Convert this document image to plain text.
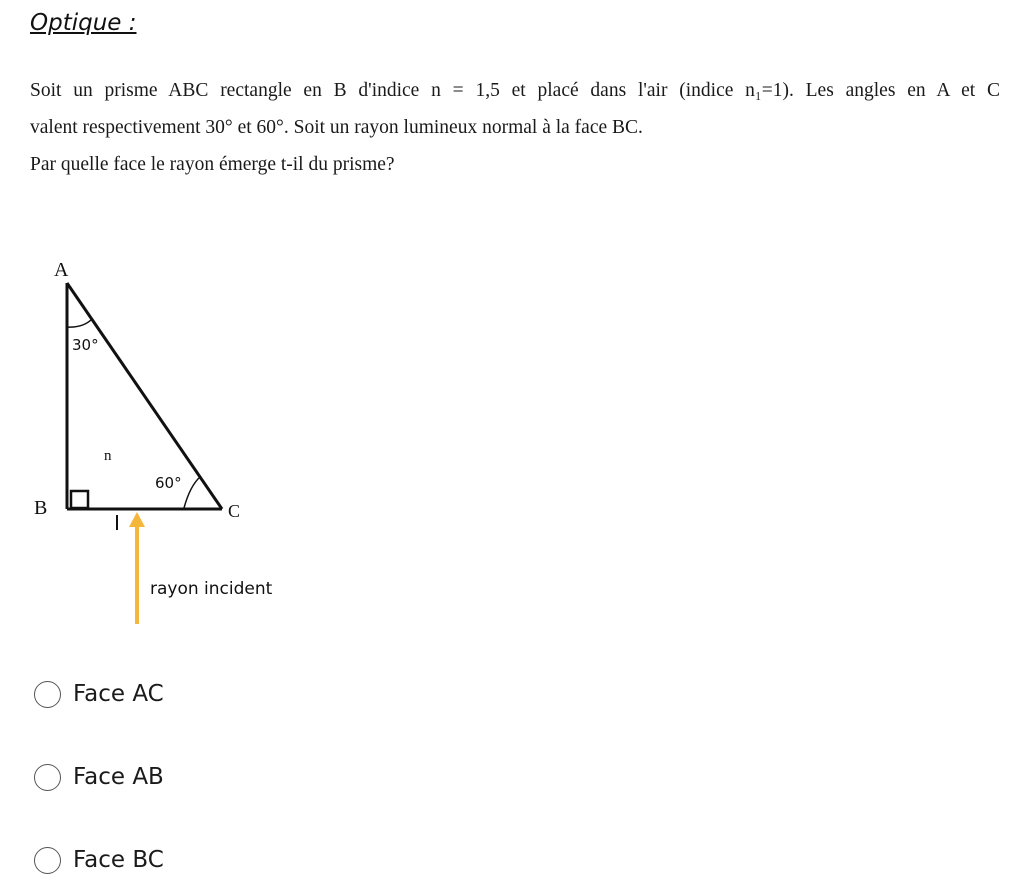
Optique :
Soit un prisme ABC rectangle en B d'indice n = 1,5 et placé dans l'air (indice n₁=1). Les angles en A et C
valent respectivement 30° et 60°. Soit un rayon lumineux normal à la face BC.
Par quelle face le rayon émerge t-il du prisme?
A
B	C
30°
60°
n
rayon incident
Face AC
Face AB
Face BC
